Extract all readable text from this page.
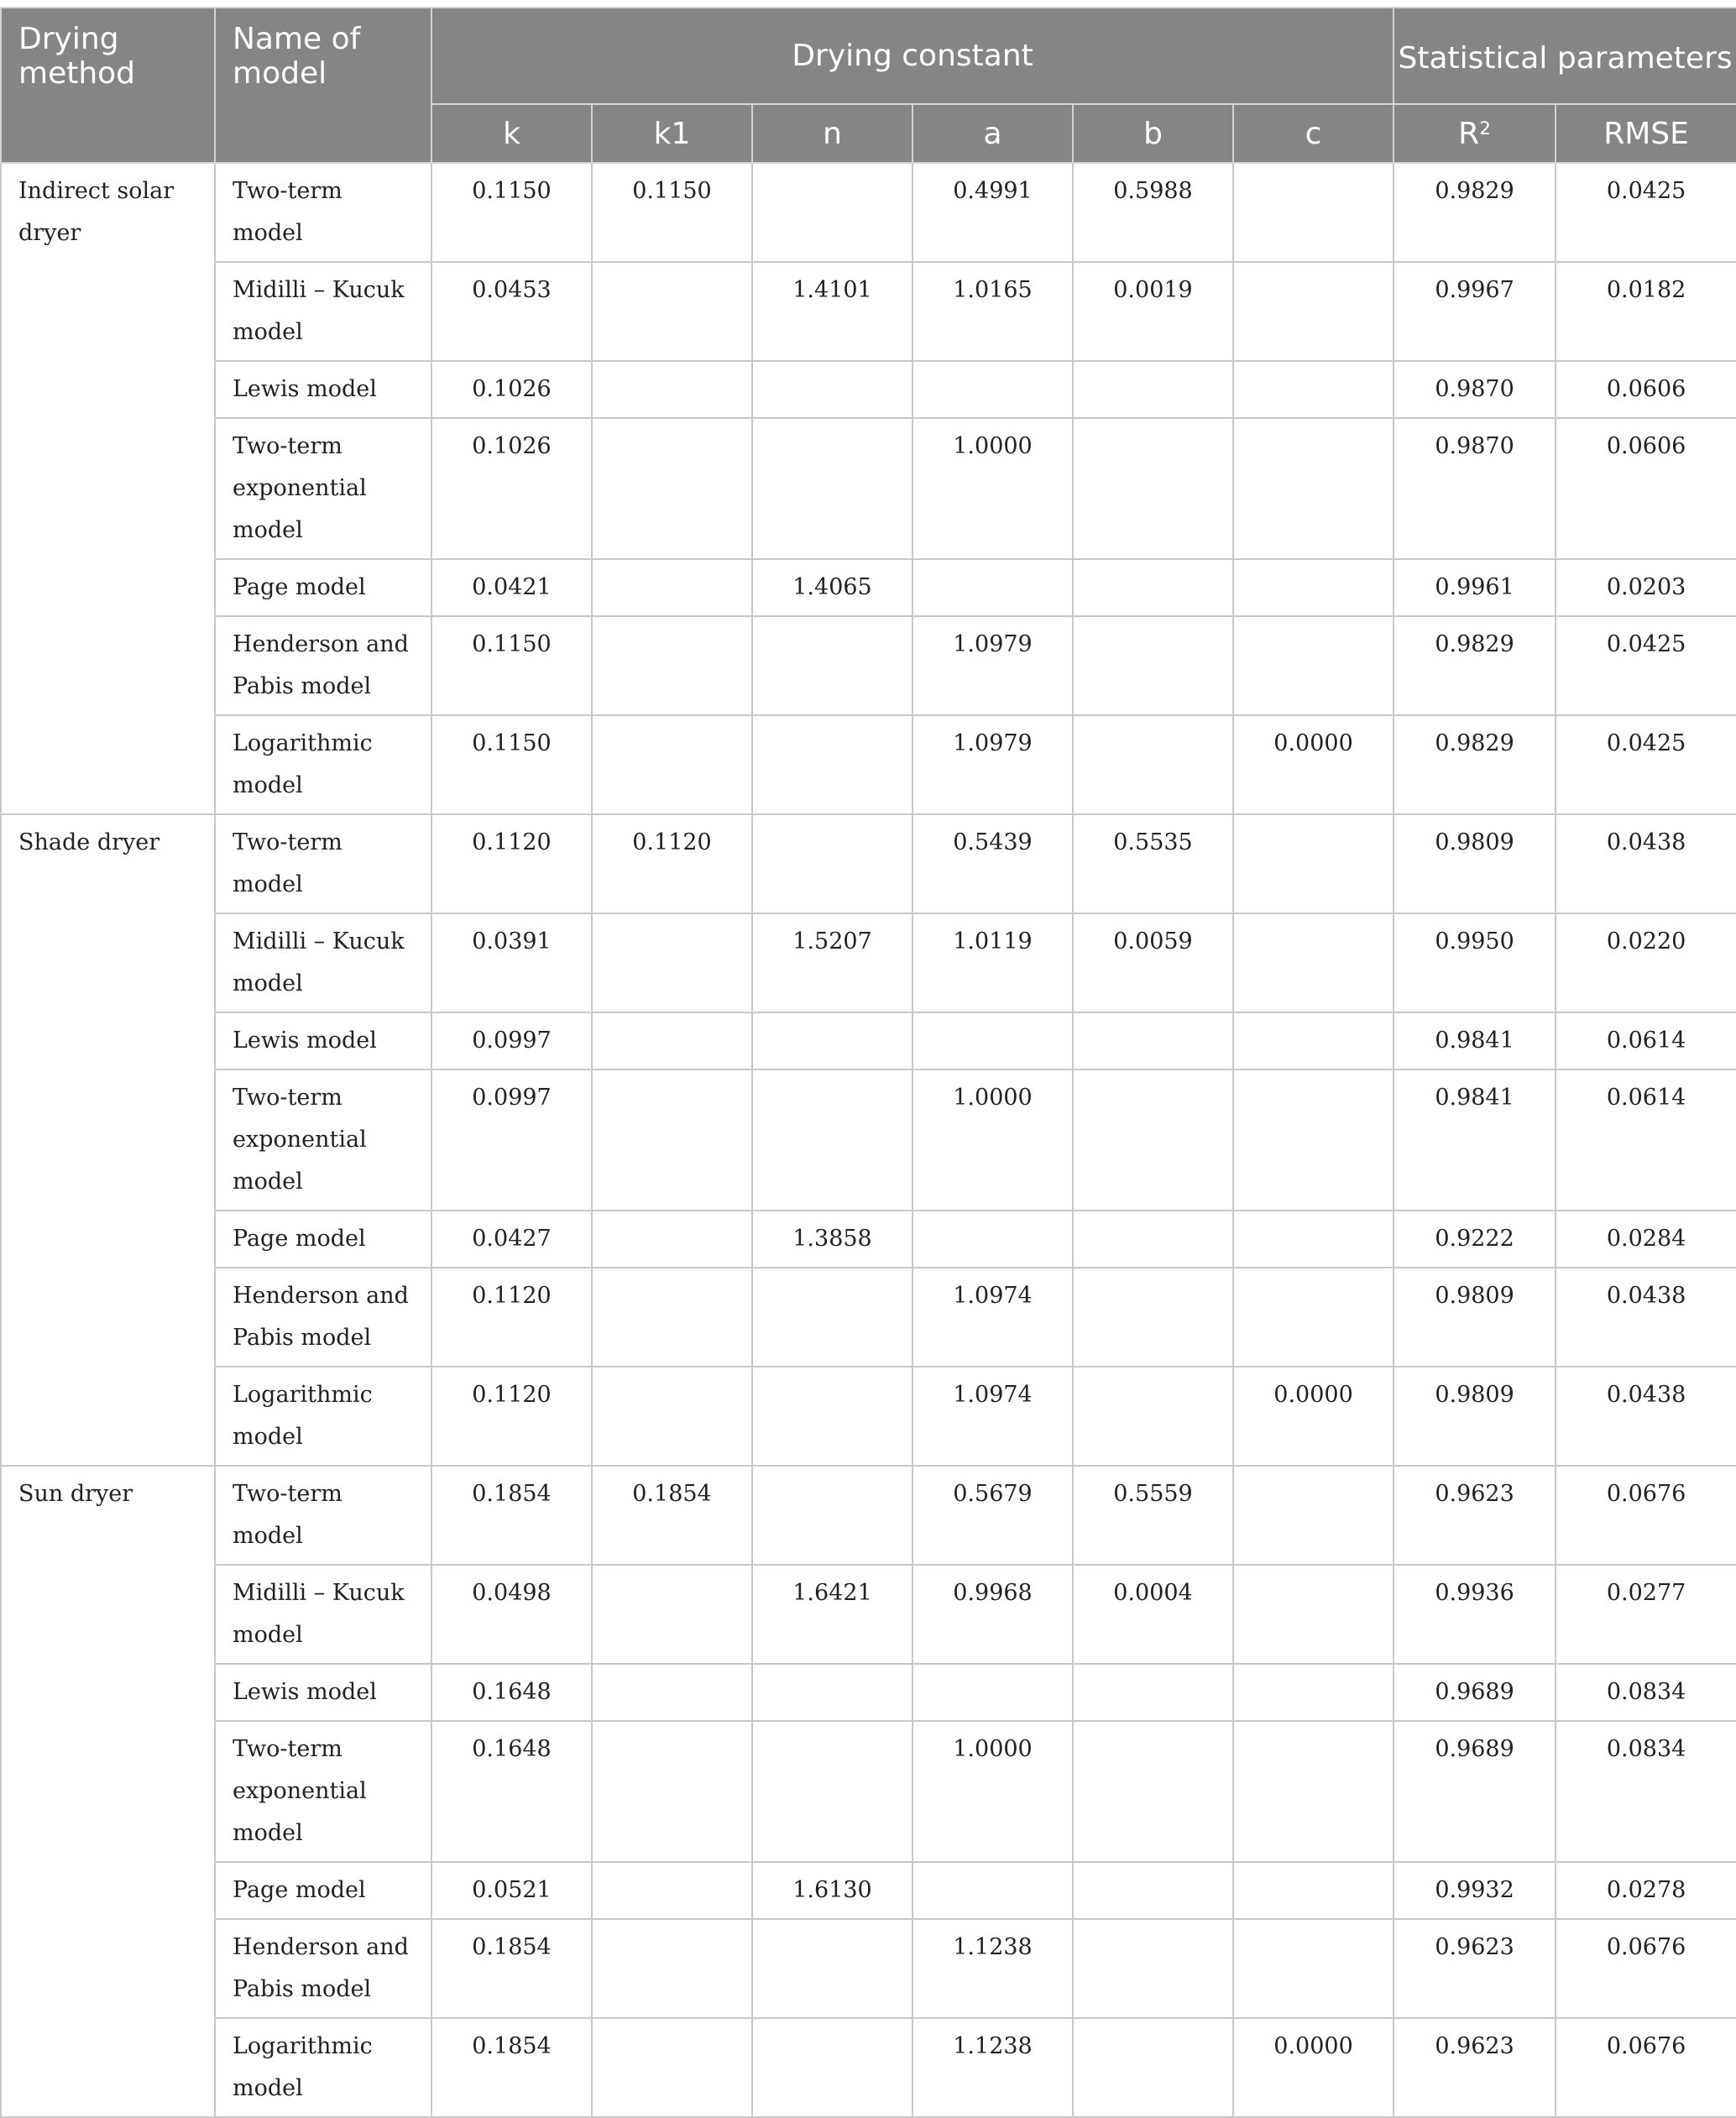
Drying method	Name of model	Drying constant						Statistical parameters	
		k	k1	n	a	b	c	$R^2$	RMSE
Indirect solar dryer	Two-term model	0.1150	0.1150		0.4991	0.5988		0.9829	0.0425
	Midilli – Kucuk model	0.0453		1.4101	1.0165	0.0019		0.9967	0.0182
	Lewis model	0.1026						0.9870	0.0606
	Two-term exponential model	0.1026			1.0000			0.9870	0.0606
	Page model	0.0421		1.4065				0.9961	0.0203
	Henderson and Pabis model	0.1150			1.0979			0.9829	0.0425
	Logarithmic model	0.1150			1.0979		0.0000	0.9829	0.0425
Shade dryer	Two-term model	0.1120	0.1120		0.5439	0.5535		0.9809	0.0438
	Midilli – Kucuk model	0.0391		1.5207	1.0119	0.0059		0.9950	0.0220
	Lewis model	0.0997						0.9841	0.0614
	Two-term exponential model	0.0997			1.0000			0.9841	0.0614
	Page model	0.0427		1.3858				0.9222	0.0284
	Henderson and Pabis model	0.1120			1.0974			0.9809	0.0438
	Logarithmic model	0.1120			1.0974		0.0000	0.9809	0.0438
Sun dryer	Two-term model	0.1854	0.1854		0.5679	0.5559		0.9623	0.0676
	Midilli – Kucuk model	0.0498		1.6421	0.9968	0.0004		0.9936	0.0277
	Lewis model	0.1648						0.9689	0.0834
	Two-term exponential model	0.1648			1.0000			0.9689	0.0834
	Page model	0.0521		1.6130				0.9932	0.0278
	Henderson and Pabis model	0.1854			1.1238			0.9623	0.0676
	Logarithmic model	0.1854			1.1238		0.0000	0.9623	0.0676
